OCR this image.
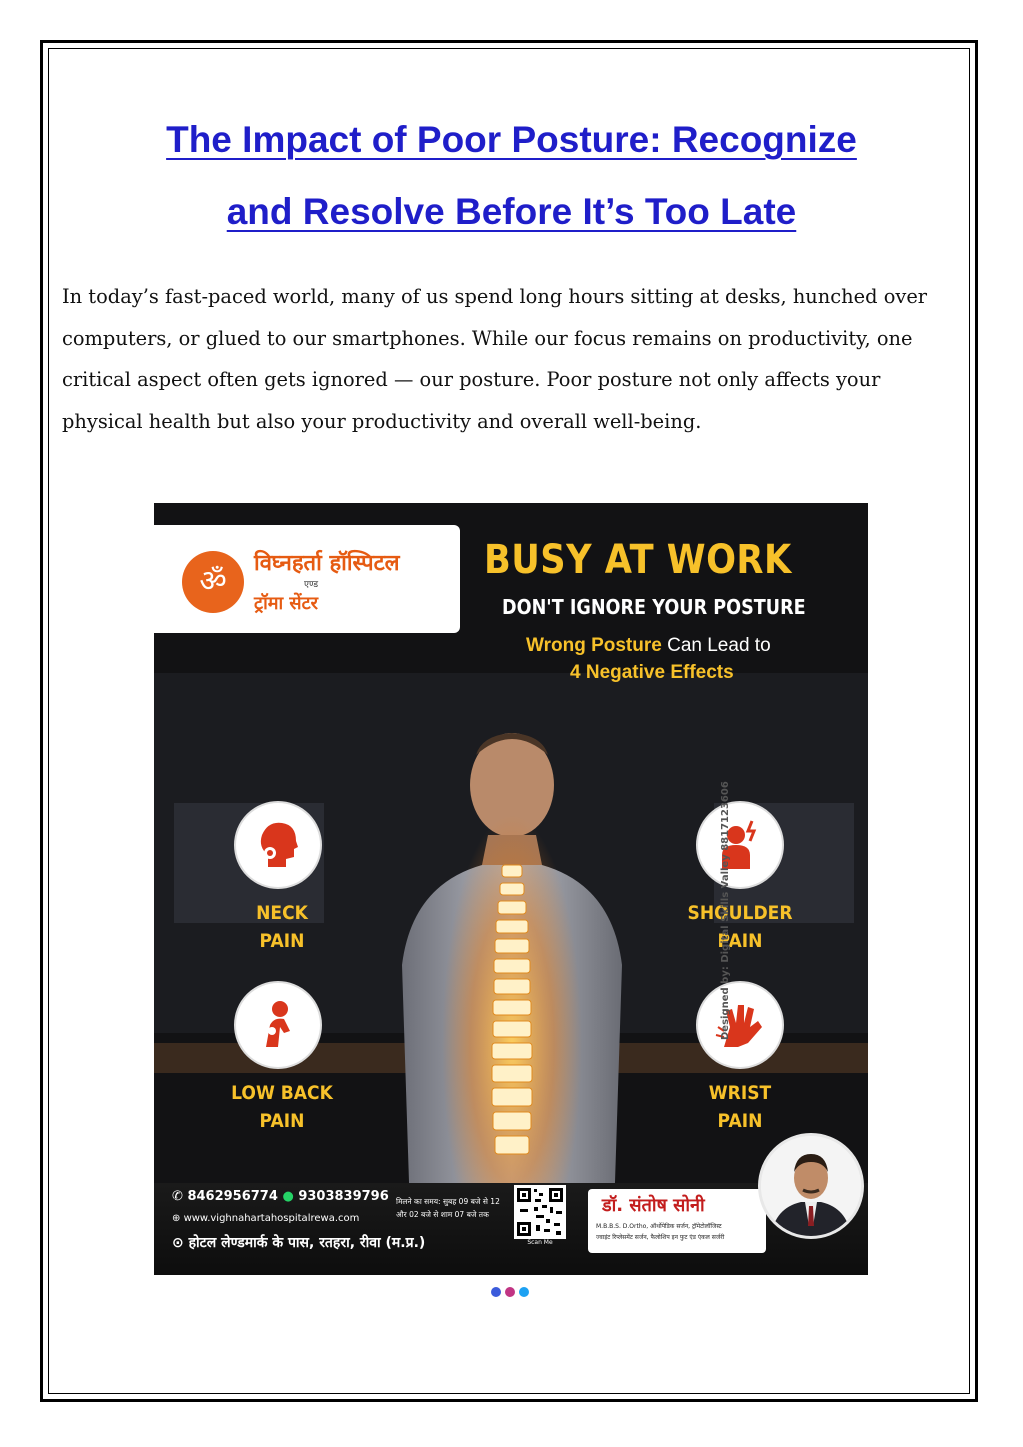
The Impact of Poor Posture: Recognize
and Resolve Before It’s Too Late

In today’s fast-paced world, many of us spend long hours sitting at desks, hunched over computers, or glued to our smartphones. While our focus remains on productivity, one critical aspect often gets ignored — our posture. Poor posture not only affects your physical health but also your productivity and overall well-being.

ॐ
विघ्नहर्ता हॉस्पिटल
एण्ड
ट्रॉमा सेंटर
BUSY AT WORK
DON'T IGNORE YOUR POSTURE
Wrong Posture Can Lead to
4 Negative Effects
NECK
PAIN
SHOULDER
PAIN
LOW BACK
PAIN
WRIST
PAIN
✆ 8462956774 ● 9303839796
⊕ www.vighnahartahospitalrewa.com
⊙ होटल लेण्डमार्क के पास, रतहरा, रीवा (म.प्र.)
मिलने का समय: सुबह 09 बजे से 12
और 02 बजे से शाम 07 बजे तक
Scan Me
डॉ. संतोष सोनी
M.B.B.S. D.Ortho, ऑर्थोपेडिक सर्जन, ट्रॉमेटोलॉजिस्ट
ज्वाइंट रिप्लेसमेंट सर्जन, फैलोशिप इन फुट एंड एंकल सर्जरी
Designed by: Digital Skills Valley 8817123606
